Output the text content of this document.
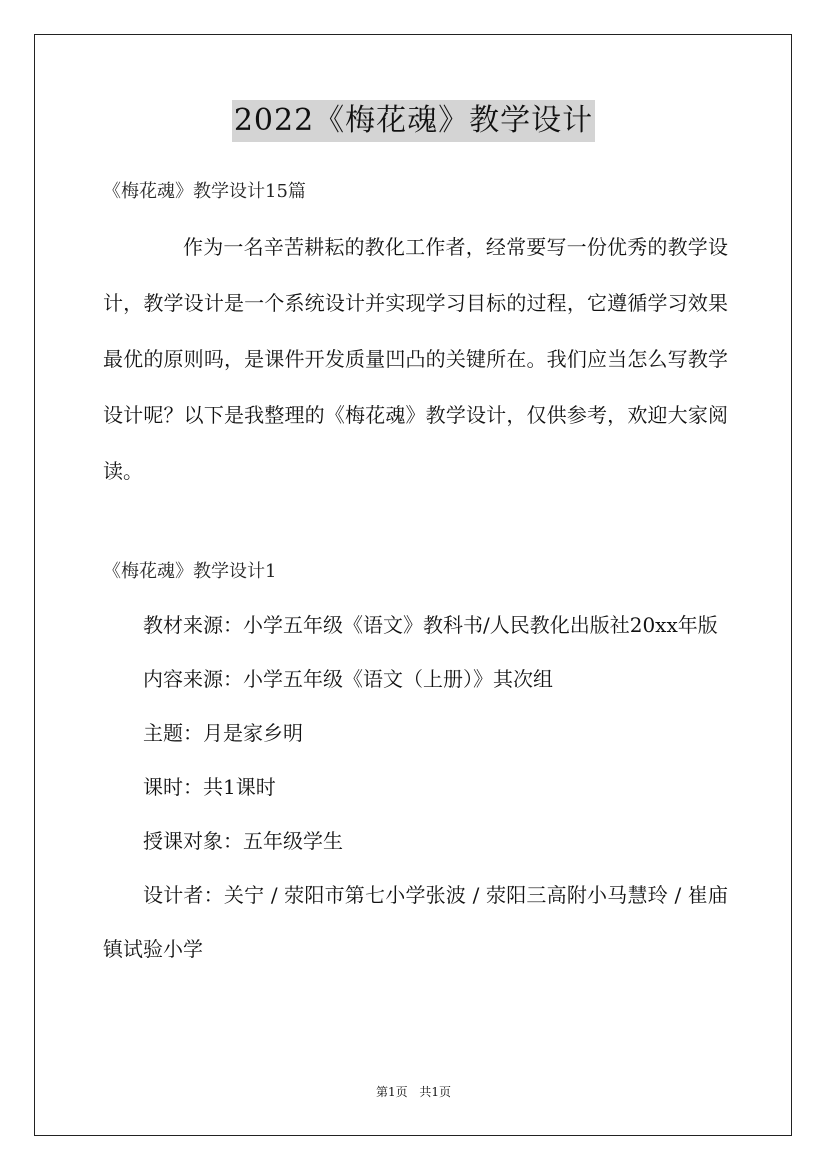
2022《梅花魂》教学设计
《梅花魂》教学设计15篇

作为一名辛苦耕耘的教化工作者，经常要写一份优秀的教学设计，教学设计是一个系统设计并实现学习目标的过程，它遵循学习效果最优的原则吗，是课件开发质量凹凸的关键所在。我们应当怎么写教学设计呢？以下是我整理的《梅花魂》教学设计，仅供参考，欢迎大家阅读。

《梅花魂》教学设计1

教材来源：小学五年级《语文》教科书/人民教化出版社20xx年版

内容来源：小学五年级《语文（上册）》其次组

主题：月是家乡明

课时：共1课时

授课对象：五年级学生

设计者：关宁 / 荥阳市第七小学张波 / 荥阳三高附小马慧玲 / 崔庙镇试验小学

第1页 共1页
